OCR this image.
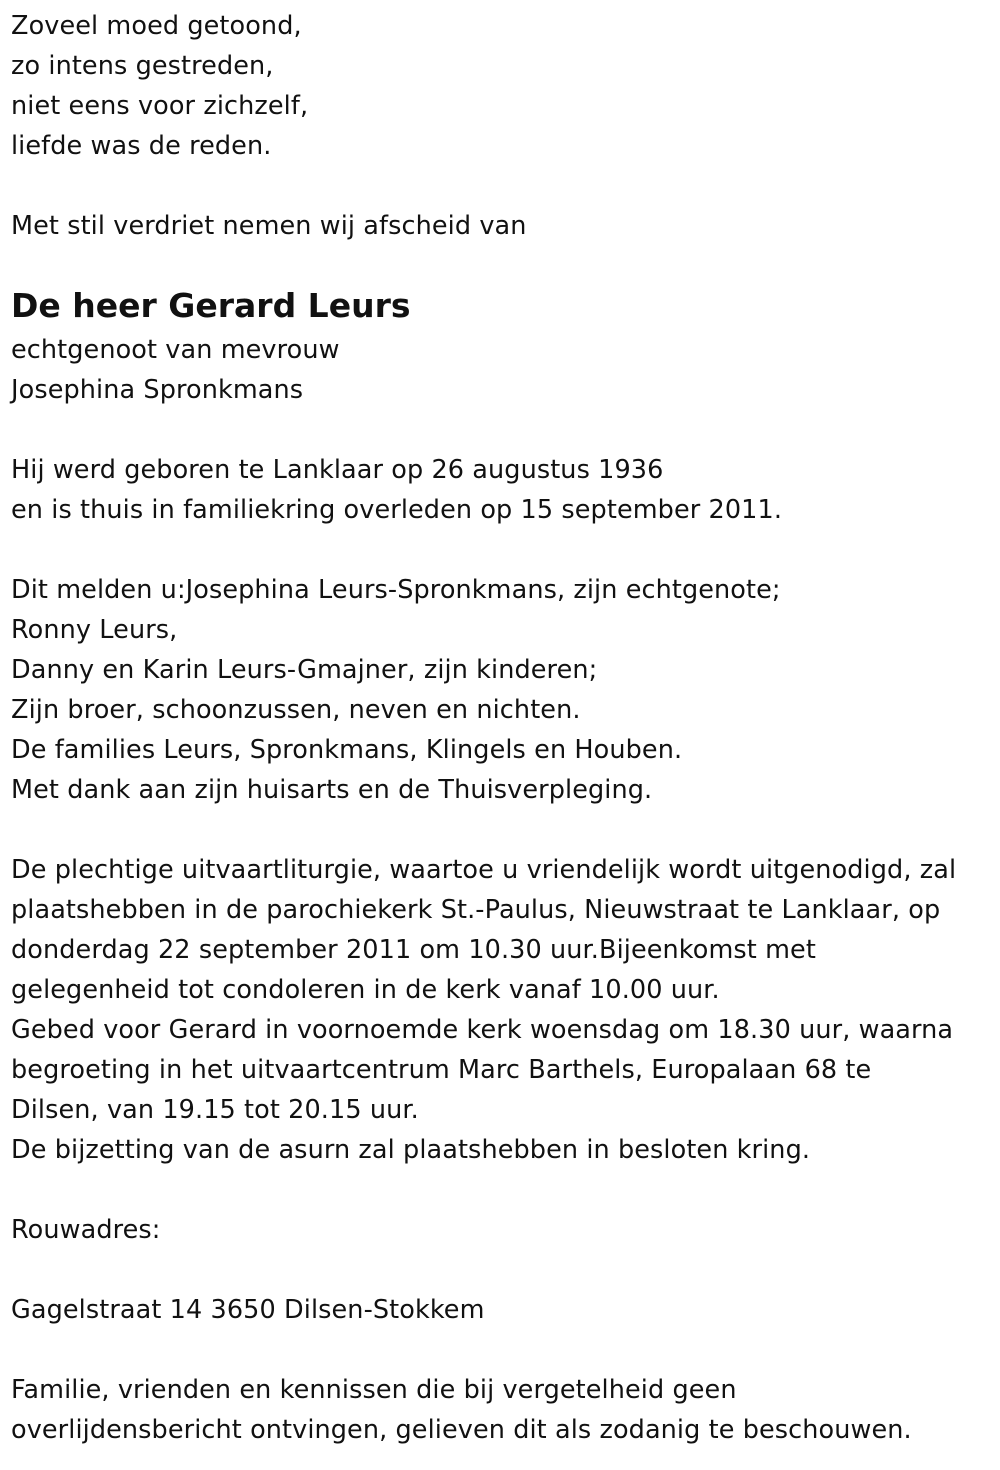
Zoveel moed getoond,
zo intens gestreden,
niet eens voor zichzelf,
liefde was de reden.
Met stil verdriet nemen wij afscheid van
De heer Gerard Leurs
echtgenoot van mevrouw
Josephina Spronkmans
Hij werd geboren te Lanklaar op 26 augustus 1936
en is thuis in familiekring overleden op 15 september 2011.
Dit melden u:Josephina Leurs-Spronkmans, zijn echtgenote;
Ronny Leurs,
Danny en Karin Leurs-Gmajner, zijn kinderen;
Zijn broer, schoonzussen, neven en nichten.
De families Leurs, Spronkmans, Klingels en Houben.
Met dank aan zijn huisarts en de Thuisverpleging.
De plechtige uitvaartliturgie, waartoe u vriendelijk wordt uitgenodigd, zal
plaatshebben in de parochiekerk St.-Paulus, Nieuwstraat te Lanklaar, op
donderdag 22 september 2011 om 10.30 uur.Bijeenkomst met
gelegenheid tot condoleren in de kerk vanaf 10.00 uur.
Gebed voor Gerard in voornoemde kerk woensdag om 18.30 uur, waarna
begroeting in het uitvaartcentrum Marc Barthels, Europalaan 68 te
Dilsen, van 19.15 tot 20.15 uur.
De bijzetting van de asurn zal plaatshebben in besloten kring.
Rouwadres:
Gagelstraat 14 3650 Dilsen-Stokkem
Familie, vrienden en kennissen die bij vergetelheid geen
overlijdensbericht ontvingen, gelieven dit als zodanig te beschouwen.
